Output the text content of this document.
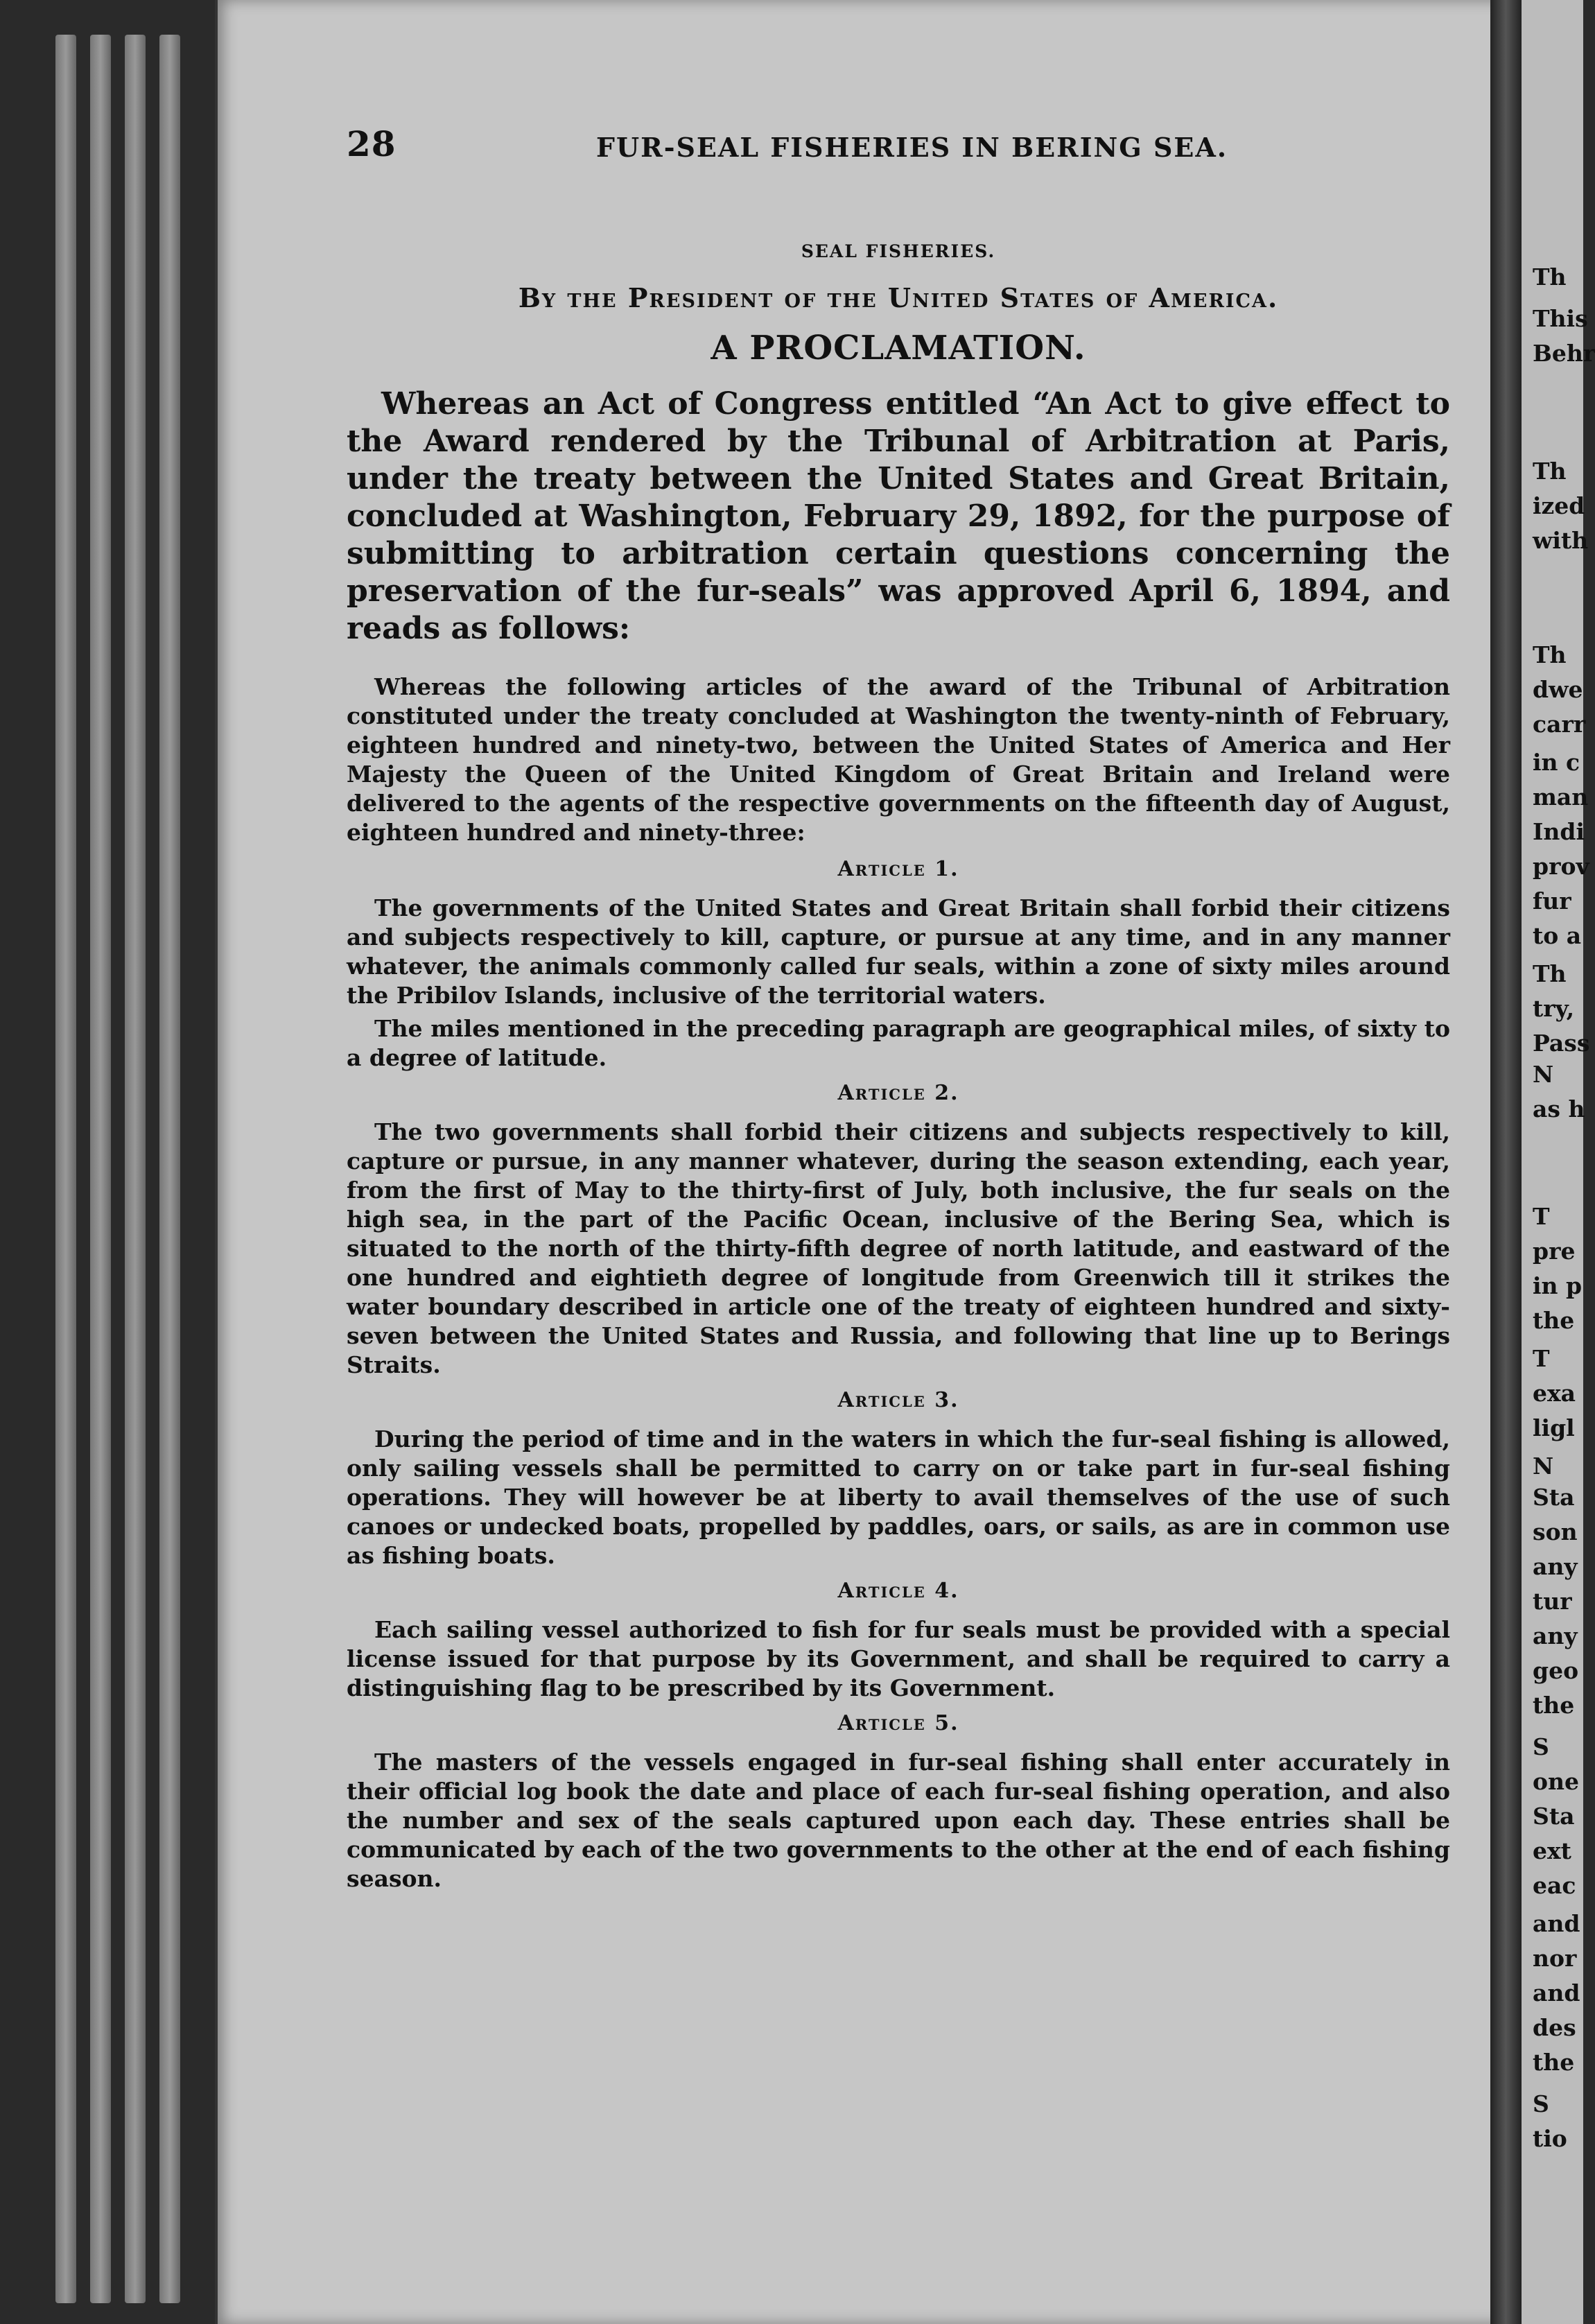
28	FUR-SEAL FISHERIES IN BERING SEA.
SEAL FISHERIES.
By the President of the United States of America.
A PROCLAMATION.

Whereas an Act of Congress entitled “An Act to give effect to the Award rendered by the Tribunal of Arbitration at Paris, under the treaty between the United States and Great Britain, concluded at Washington, February 29, 1892, for the purpose of submitting to arbitration certain questions concerning the preservation of the fur-seals” was approved April 6, 1894, and reads as follows:

Whereas the following articles of the award of the Tribunal of Arbitration constituted under the treaty concluded at Washington the twenty-ninth of February, eighteen hundred and ninety-two, between the United States of America and Her Majesty the Queen of the United Kingdom of Great Britain and Ireland were delivered to the agents of the respective governments on the fifteenth day of August, eighteen hundred and ninety-three:

Article 1.

The governments of the United States and Great Britain shall forbid their citizens and subjects respectively to kill, capture, or pursue at any time, and in any manner whatever, the animals commonly called fur seals, within a zone of sixty miles around the Pribilov Islands, inclusive of the territorial waters.

The miles mentioned in the preceding paragraph are geographical miles, of sixty to a degree of latitude.

Article 2.

The two governments shall forbid their citizens and subjects respectively to kill, capture or pursue, in any manner whatever, during the season extending, each year, from the first of May to the thirty-first of July, both inclusive, the fur seals on the high sea, in the part of the Pacific Ocean, inclusive of the Bering Sea, which is situated to the north of the thirty-fifth degree of north latitude, and eastward of the one hundred and eightieth degree of longitude from Greenwich till it strikes the water boundary described in article one of the treaty of eighteen hundred and sixty-seven between the United States and Russia, and following that line up to Berings Straits.

Article 3.

During the period of time and in the waters in which the fur-seal fishing is allowed, only sailing vessels shall be permitted to carry on or take part in fur-seal fishing operations. They will however be at liberty to avail themselves of the use of such canoes or undecked boats, propelled by paddles, oars, or sails, as are in common use as fishing boats.

Article 4.

Each sailing vessel authorized to fish for fur seals must be provided with a special license issued for that purpose by its Government, and shall be required to carry a distinguishing flag to be prescribed by its Government.

Article 5.

The masters of the vessels engaged in fur-seal fishing shall enter accurately in their official log book the date and place of each fur-seal fishing operation, and also the number and sex of the seals captured upon each day. These entries shall be communicated by each of the two governments to the other at the end of each fishing season.

Th
This
Behr
Th
ized
with
Th
dwe
carr
in c
man
Indi
prov
fur
to a
Th
try,
Pass
N
as h
T
pre
in p
the
T
exa
ligl
N
Sta
son
any
tur
any
geo
the
S
one
Sta
ext
eac
and
nor
and
des
the
S
tio
